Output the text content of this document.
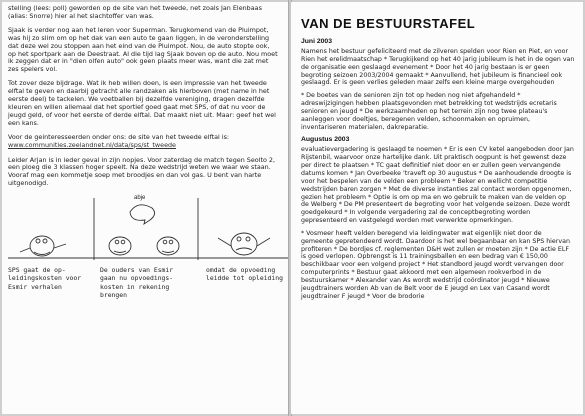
stelling (lees: poll) geworden op de site van het tweede, net zoals Jan Elenbaas (alias: Snorre) hier al het slachtoffer van was.

Sjaak is verder nog aan het leren voor Superman. Terugkomend van de Pluimpot, was hij zo slim om op het dak van een auto te gaan liggen, in de veronderstelling dat deze wel zou stoppen aan het eind van de Pluimpot. Nou, de auto stopte ook, op het sportpark aan de Deestraat. Al die tijd lag Sjaak boven op de auto. Nou moet ik zeggen dat er in "dien olfen auto" ook geen plaats meer was, want die zat met zes spelers vol.

Tot zover deze bijdrage. Wat ik heb willen doen, is een impressie van het tweede elftal te geven en daarbij getracht alle randzaken als hierboven (met name in het eerste deel) te tackelen. We voetballen bij dezelfde vereniging, dragen dezelfde kleuren en willen allemaal dat het sportief goed gaat met SPS, of dat nu voor de jeugd geld, of voor het eerste of derde elftal. Dat maakt niet uit. Maar: geef het wel een kans.

Voor de geinteresseerden onder ons: de site van het tweede elftal is:
www.communities.zeelandnet.nl/data/sps/st_tweede

Leider Arjan is in ieder geval in zijn nopjes. Voor zaterdag de match tegen Seolto 2, een ploeg die 3 klassen hoger speelt. Na deze wedstrijd weten we waar we staan. Vooraf mag een kommetje soep met broodjes en dan vol gas. U bent van harte uitgenodigd.

abje
SPS gaat de op-leidingskosten voor Esmir verhalen
De ouders van Esmir gaan nu opvoedings-kosten in rekening brengen
omdat de opvoeding leidde tot opleiding
VAN DE BESTUURSTAFEL
Juni 2003

Namens het bestuur gefeliciteerd met de zilveren spelden voor Rien en Piet, en voor Rien het erelidmaatschap * Terugkijkend op het 40 jarig jubileum is het in de ogen van de organisatie een geslaagd evenement * Door het 40 jarig bestaan is er geen begroting seizoen 2003/2004 gemaakt * Aanvullend, het jubileum is financieel ook geslaagd. Er is geen verlies geleden maar zelfs een kleine marge overgehouden

* De boetes van de senioren zijn tot op heden nog niet afgehandeld * adreswijzigingen hebben plaatsgevonden met betrekking tot wedstrijds ecretaris senioren en jeugd * De werkzaamheden op het terrein zijn nog twee plateau's aanleggen voor doeltjes, beregenen velden, schoonmaken en opruimen, inventariseren materialen, dakreparatie.

Augustus 2003

evaluatievergadering is geslaagd te noemen * Er is een CV ketel aangeboden door Jan Rijstenbil, waarvoor onze hartelijke dank. Uit praktisch oogpunt is het gewenst deze per direct te plaatsen * TC gaat definitief niet door en er zullen geen vervangende datums komen * Jan Overbeeke 'traveft op 30 augustus * De aanhoudende droogte is voor het bespelen van de velden een probleem * Beker en wellicht competitie wedstrijden baren zorgen * Met de diverse instanties zal contact worden opgenomen, gezien het probleem * Optie is om op ma en wo gebruik te maken van de velden op de Welberg * De PM presenteert de begroting voor het volgende seizoen. Deze wordt goedgekeurd * In volgende vergadering zal de conceptbegroting worden gepresenteerd en vastgelegd worden met verwerkte opmerkingen.

* Vosmeer heeft velden beregend via leidingwater wat eigenlijk niet door de gemeente gepretendeerd wordt. Daardoor is het wel begaanbaar en kan SPS hiervan profiteren * De bordjes cf. reglementen D&H wet zullen er moeten zijn * De actie ELF is goed verlopen. Opbrengst is 11 trainingsballen en een bedrag van € 150,00 beschikbaar voor een volgend project * Het standbord jeugd wordt vervangen door computerprints * Bestuur gaat akkoord met een algemeen rookverbod in de bestuurskamer * Alexander van As wordt wedstrijd coördinator jeugd * Nieuwe jeugdtrainers worden Ab van de Belt voor de E jeugd en Lex van Casand wordt jeugdtrainer F jeugd * Voor de brodorie
